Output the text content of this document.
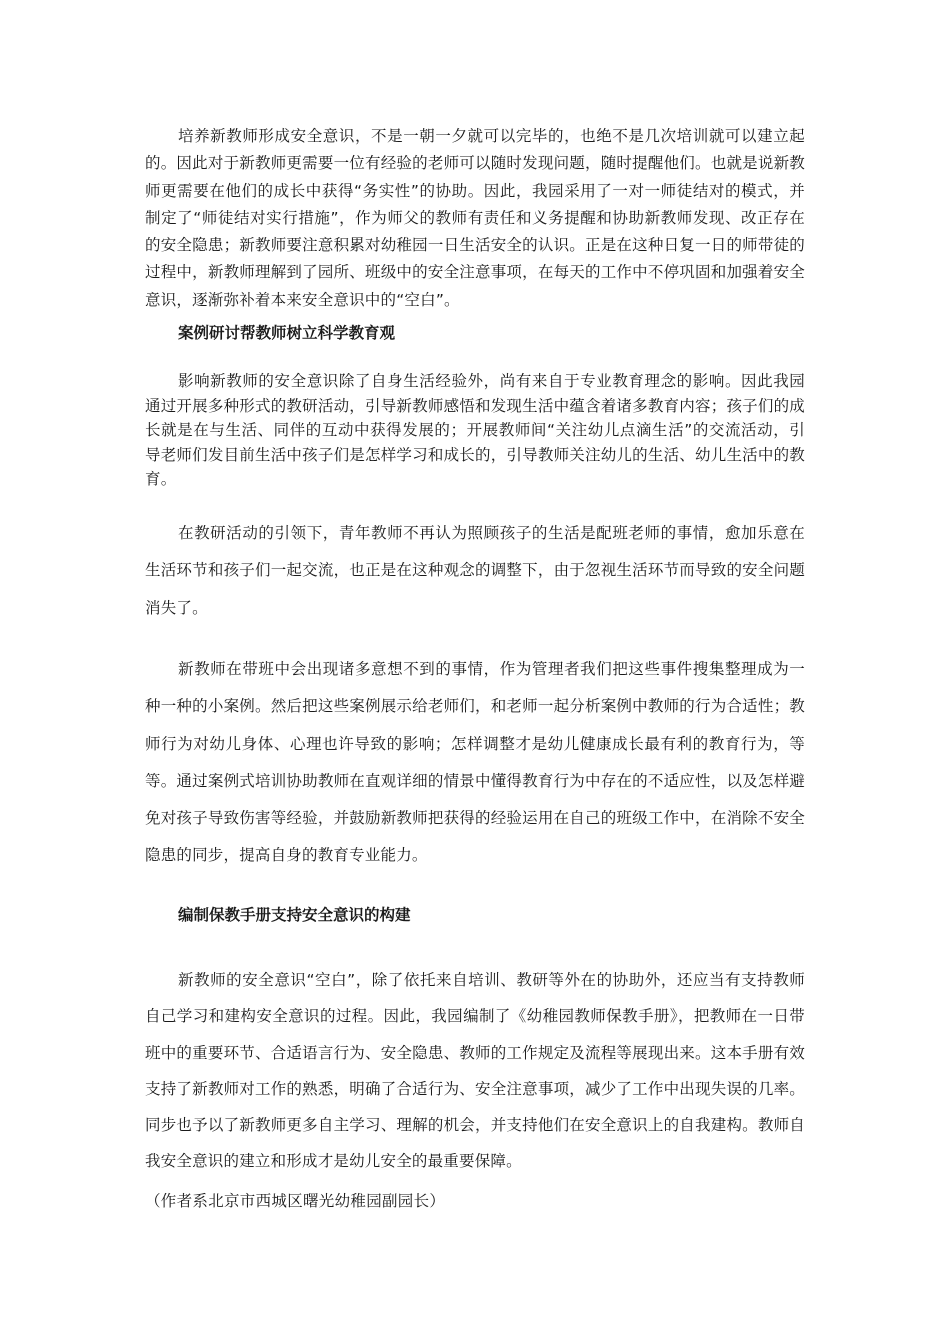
培养新教师形成安全意识，不是一朝一夕就可以完毕的，也绝不是几次培训就可以建立起的。因此对于新教师更需要一位有经验的老师可以随时发现问题，随时提醒他们。也就是说新教师更需要在他们的成长中获得“务实性”的协助。因此，我园采用了一对一师徒结对的模式，并制定了“师徒结对实行措施”，作为师父的教师有责任和义务提醒和协助新教师发现、改正存在的安全隐患；新教师要注意积累对幼稚园一日生活安全的认识。正是在这种日复一日的师带徒的过程中，新教师理解到了园所、班级中的安全注意事项，在每天的工作中不停巩固和加强着安全意识，逐渐弥补着本来安全意识中的“空白”。

案例研讨帮教师树立科学教育观

影响新教师的安全意识除了自身生活经验外，尚有来自于专业教育理念的影响。因此我园通过开展多种形式的教研活动，引导新教师感悟和发现生活中蕴含着诸多教育内容；孩子们的成长就是在与生活、同伴的互动中获得发展的；开展教师间“关注幼儿点滴生活”的交流活动，引导老师们发目前生活中孩子们是怎样学习和成长的，引导教师关注幼儿的生活、幼儿生活中的教育。

在教研活动的引领下，青年教师不再认为照顾孩子的生活是配班老师的事情，愈加乐意在生活环节和孩子们一起交流，也正是在这种观念的调整下，由于忽视生活环节而导致的安全问题消失了。

新教师在带班中会出现诸多意想不到的事情，作为管理者我们把这些事件搜集整理成为一种一种的小案例。然后把这些案例展示给老师们，和老师一起分析案例中教师的行为合适性；教师行为对幼儿身体、心理也许导致的影响；怎样调整才是幼儿健康成长最有利的教育行为，等等。通过案例式培训协助教师在直观详细的情景中懂得教育行为中存在的不适应性，以及怎样避免对孩子导致伤害等经验，并鼓励新教师把获得的经验运用在自己的班级工作中，在消除不安全隐患的同步，提高自身的教育专业能力。

编制保教手册支持安全意识的构建

新教师的安全意识“空白”，除了依托来自培训、教研等外在的协助外，还应当有支持教师自己学习和建构安全意识的过程。因此，我园编制了《幼稚园教师保教手册》，把教师在一日带班中的重要环节、合适语言行为、安全隐患、教师的工作规定及流程等展现出来。这本手册有效支持了新教师对工作的熟悉，明确了合适行为、安全注意事项，减少了工作中出现失误的几率。同步也予以了新教师更多自主学习、理解的机会，并支持他们在安全意识上的自我建构。教师自我安全意识的建立和形成才是幼儿安全的最重要保障。

（作者系北京市西城区曙光幼稚园副园长）
